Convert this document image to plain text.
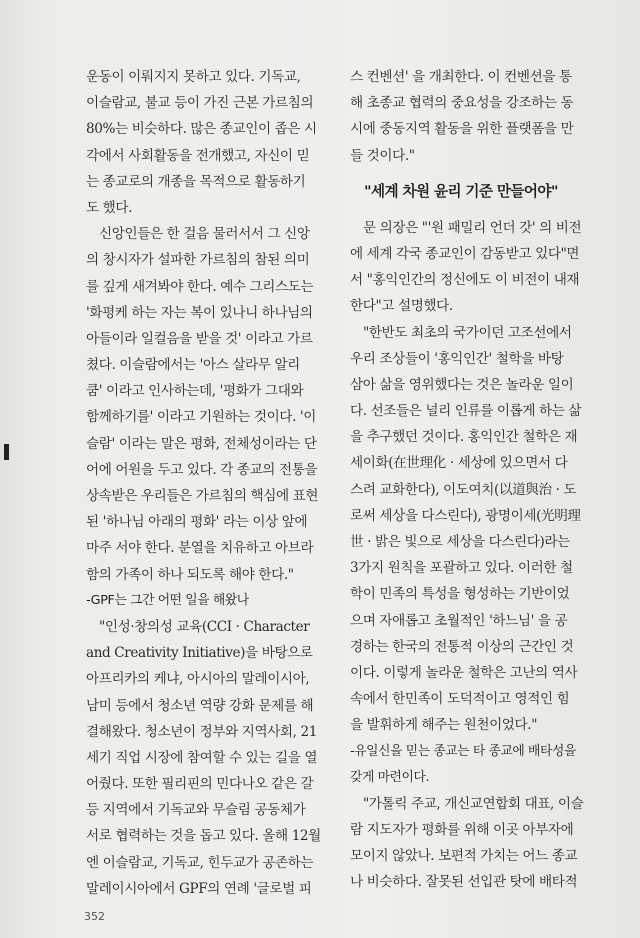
운동이 이뤄지지 못하고 있다. 기독교,
이슬람교, 불교 등이 가진 근본 가르침의
80%는 비슷하다. 많은 종교인이 좁은 시
각에서 사회활동을 전개했고, 자신이 믿
는 종교로의 개종을 목적으로 활동하기
도 했다.
신앙인들은 한 걸음 물러서서 그 신앙
의 창시자가 설파한 가르침의 참된 의미
를 깊게 새겨봐야 한다. 예수 그리스도는
'화평케 하는 자는 복이 있나니 하나님의
아들이라 일컬음을 받을 것' 이라고 가르
쳤다. 이슬람에서는 '아스 살라무 알리
쿰' 이라고 인사하는데, '평화가 그대와
함께하기를' 이라고 기원하는 것이다. '이
슬람' 이라는 말은 평화, 전체성이라는 단
어에 어원을 두고 있다. 각 종교의 전통을
상속받은 우리들은 가르침의 핵심에 표현
된 '하나님 아래의 평화' 라는 이상 앞에
마주 서야 한다. 분열을 치유하고 아브라
함의 가족이 하나 되도록 해야 한다."
-GPF는 그간 어떤 일을 해왔나
"인성·창의성 교육(CCI · Character
and Creativity Initiative)을 바탕으로
아프리카의 케냐, 아시아의 말레이시아,
남미 등에서 청소년 역량 강화 문제를 해
결해왔다. 청소년이 정부와 지역사회, 21
세기 직업 시장에 참여할 수 있는 길을 열
어줬다. 또한 필리핀의 민다나오 같은 갈
등 지역에서 기독교와 무슬림 공동체가
서로 협력하는 것을 돕고 있다. 올해 12월
엔 이슬람교, 기독교, 힌두교가 공존하는
말레이시아에서 GPF의 연례 '글로벌 피
스 컨벤션' 을 개최한다. 이 컨벤션을 통
해 초종교 협력의 중요성을 강조하는 동
시에 중동지역 활동을 위한 플랫폼을 만
들 것이다."
"세계 차원 윤리 기준 만들어야"
문 의장은 "'원 패밀리 언더 갓' 의 비전
에 세계 각국 종교인이 감동받고 있다"면
서 "홍익인간의 정신에도 이 비전이 내재
한다"고 설명했다.
"한반도 최초의 국가이던 고조선에서
우리 조상들이 '홍익인간' 철학을 바탕
삼아 삶을 영위했다는 것은 놀라운 일이
다. 선조들은 널리 인류를 이롭게 하는 삶
을 추구했던 것이다. 홍익인간 철학은 재
세이화(在世理化 · 세상에 있으면서 다
스려 교화한다), 이도여치(以道與治 · 도
로써 세상을 다스린다), 광명이세(光明理
世 · 밝은 빛으로 세상을 다스린다)라는
3가지 원칙을 포괄하고 있다. 이러한 철
학이 민족의 특성을 형성하는 기반이었
으며 자애롭고 초월적인 '하느님' 을 공
경하는 한국의 전통적 이상의 근간인 것
이다. 이렇게 놀라운 철학은 고난의 역사
속에서 한민족이 도덕적이고 영적인 힘
을 발휘하게 해주는 원천이었다."
-유일신을 믿는 종교는 타 종교에 배타성을
갖게 마련이다.
"가톨릭 주교, 개신교연합회 대표, 이슬
람 지도자가 평화를 위해 이곳 아부자에
모이지 않았나. 보편적 가치는 어느 종교
나 비슷하다. 잘못된 선입관 탓에 배타적
352
